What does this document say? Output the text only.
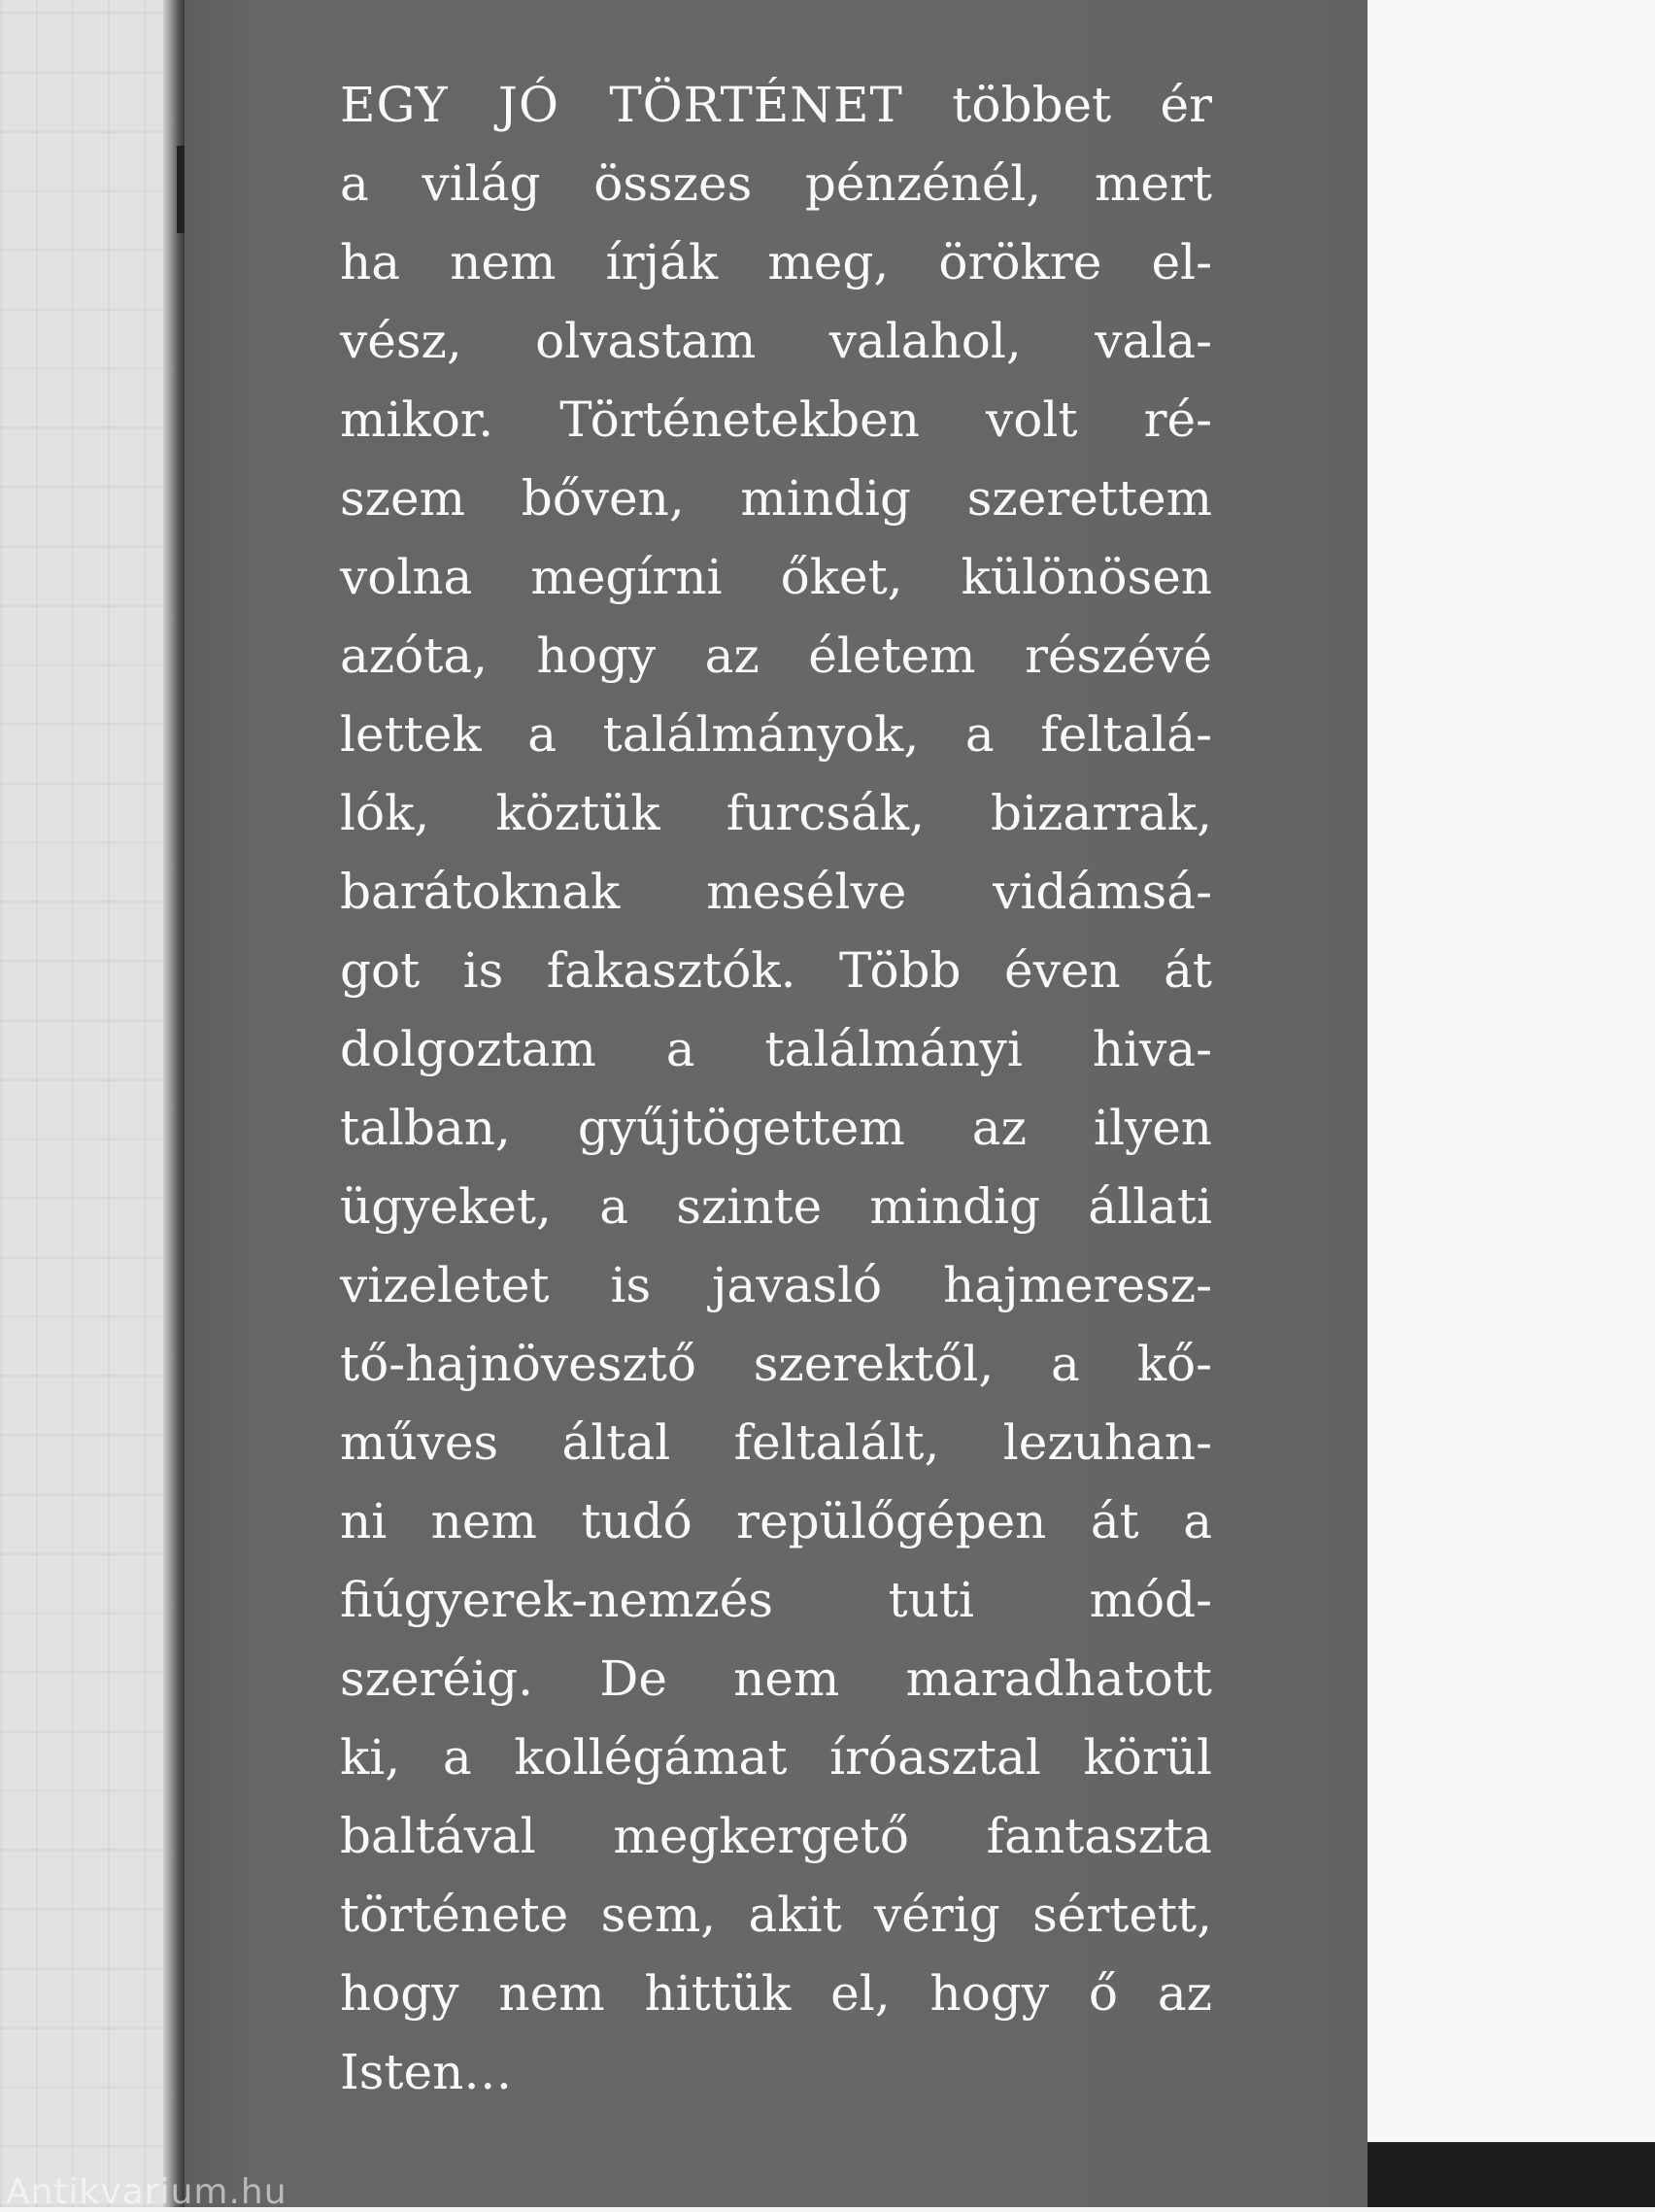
EGY JÓ TÖRTÉNET többet ér
a világ összes pénzénél, mert
ha nem írják meg, örökre el-
vész, olvastam valahol, vala-
mikor. Történetekben volt ré-
szem bőven, mindig szerettem
volna megírni őket, különösen
azóta, hogy az életem részévé
lettek a találmányok, a feltalá-
lók, köztük furcsák, bizarrak,
barátoknak mesélve vidámsá-
got is fakasztók. Több éven át
dolgoztam a találmányi hiva-
talban, gyűjtögettem az ilyen
ügyeket, a szinte mindig állati
vizeletet is javasló hajmeresz-
tő-hajnövesztő szerektől, a kő-
műves által feltalált, lezuhan-
ni nem tudó repülőgépen át a
fiúgyerek-nemzés tuti mód-
szeréig. De nem maradhatott
ki, a kollégámat íróasztal körül
baltával megkergető fantaszta
története sem, akit vérig sértett,
hogy nem hittük el, hogy ő az
Isten…
Antikvarium.hu
